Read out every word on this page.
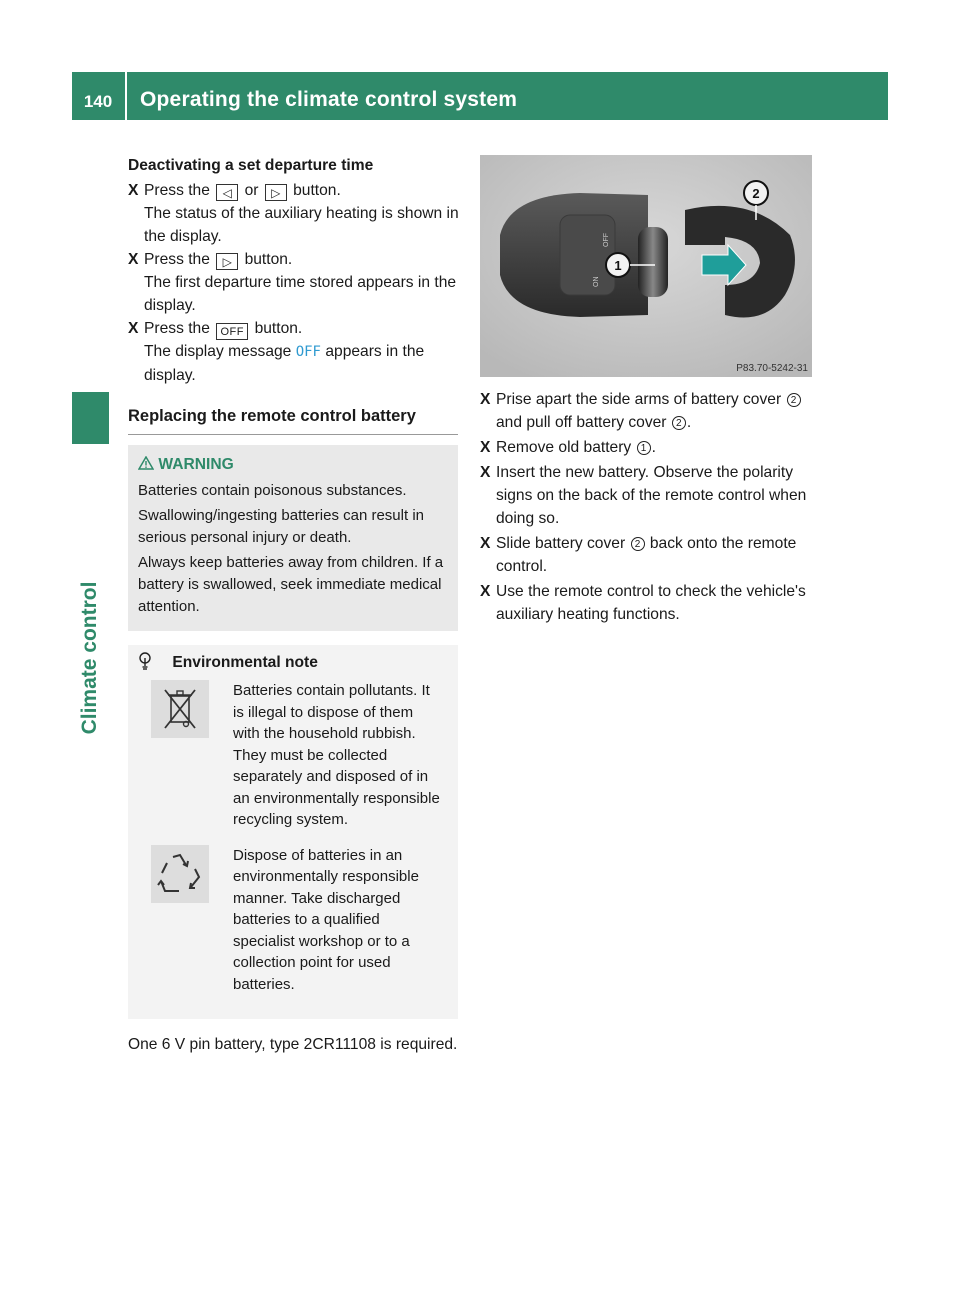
140	Operating the climate control system
Climate control
Deactivating a set departure time
X Press the ◁ or ▷ button.
The status of the auxiliary heating is shown in the display.
X Press the ▷ button.
The first departure time stored appears in the display.
X Press the OFF button.
The display message OFF appears in the display.
Replacing the remote control battery
WARNING

Batteries contain poisonous substances.

Swallowing/ingesting batteries can result in serious personal injury or death.

Always keep batteries away from children. If a battery is swallowed, seek immediate medical attention.

Environmental note
Batteries contain pollutants. It is illegal to dispose of them with the household rubbish. They must be collected separately and disposed of in an environmentally responsible recycling system.
Dispose of batteries in an environmentally responsible manner. Take discharged batteries to a qualified specialist workshop or to a collection point for used batteries.
One 6 V pin battery, type 2CR11108 is required.
ON
OFF
1
2
P83.70-5242-31
X Prise apart the side arms of battery cover 2 and pull off battery cover 2 .
X Remove old battery 1 .
X Insert the new battery. Observe the polarity signs on the back of the remote control when doing so.
X Slide battery cover 2 back onto the remote control.
X Use the remote control to check the vehicle's auxiliary heating functions.
